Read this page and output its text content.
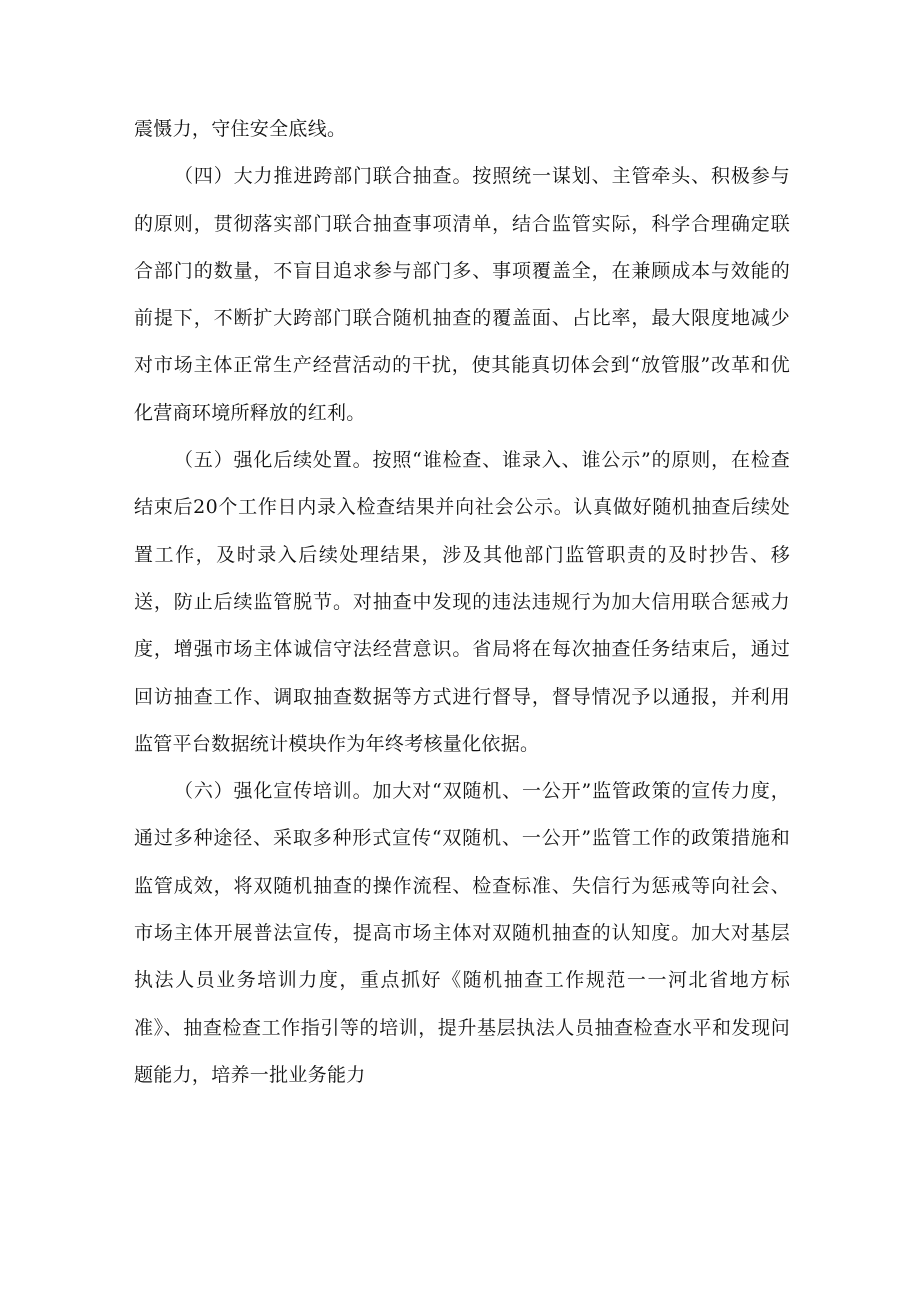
震慑力，守住安全底线。

（四）大力推进跨部门联合抽查。按照统一谋划、主管牵头、积极参与的原则，贯彻落实部门联合抽查事项清单，结合监管实际，科学合理确定联合部门的数量，不盲目追求参与部门多、事项覆盖全，在兼顾成本与效能的前提下，不断扩大跨部门联合随机抽查的覆盖面、占比率，最大限度地减少对市场主体正常生产经营活动的干扰，使其能真切体会到“放管服”改革和优化营商环境所释放的红利。

（五）强化后续处置。按照“谁检查、谁录入、谁公示”的原则，在检查结束后20个工作日内录入检查结果并向社会公示。认真做好随机抽查后续处置工作，及时录入后续处理结果，涉及其他部门监管职责的及时抄告、移送，防止后续监管脱节。对抽查中发现的违法违规行为加大信用联合惩戒力度，增强市场主体诚信守法经营意识。省局将在每次抽查任务结束后，通过回访抽查工作、调取抽查数据等方式进行督导，督导情况予以通报，并利用监管平台数据统计模块作为年终考核量化依据。

（六）强化宣传培训。加大对“双随机、一公开”监管政策的宣传力度，通过多种途径、采取多种形式宣传“双随机、一公开”监管工作的政策措施和监管成效，将双随机抽查的操作流程、检查标准、失信行为惩戒等向社会、市场主体开展普法宣传，提高市场主体对双随机抽查的认知度。加大对基层执法人员业务培训力度，重点抓好《随机抽查工作规范一一河北省地方标准》、抽查检查工作指引等的培训，提升基层执法人员抽查检查水平和发现问题能力，培养一批业务能力
